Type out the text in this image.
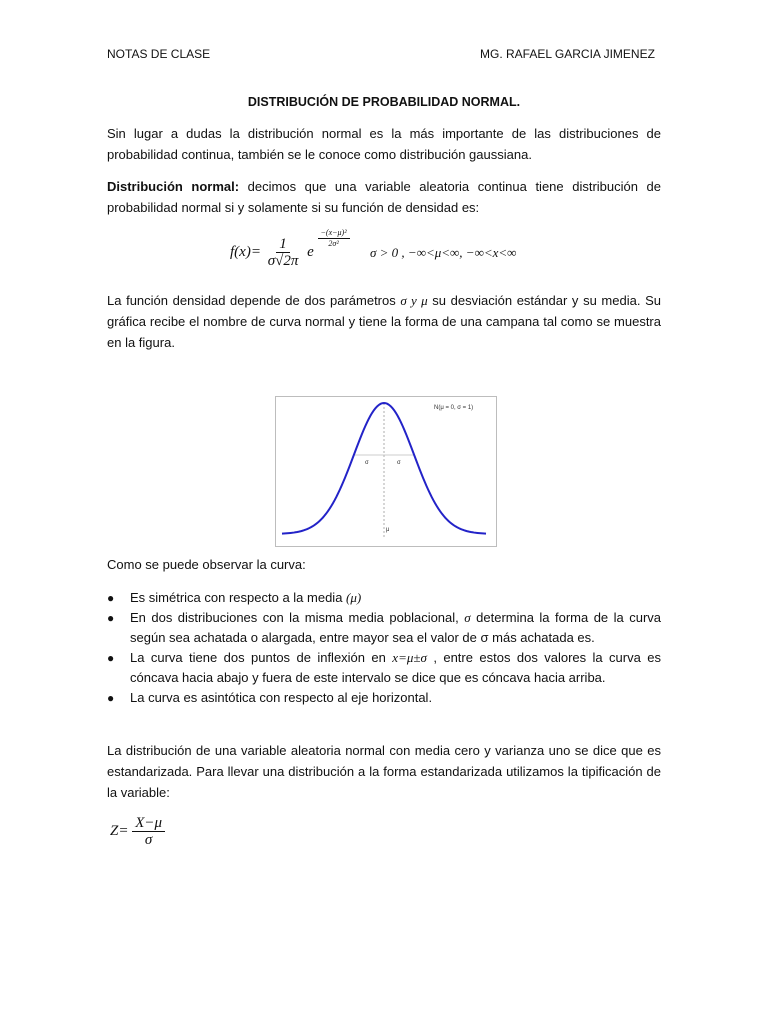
NOTAS DE CLASE	MG. RAFAEL GARCIA JIMENEZ
DISTRIBUCIÓN DE PROBABILIDAD NORMAL.
Sin lugar a dudas la distribución normal es la más importante de las distribuciones de probabilidad continua, también se le conoce como distribución gaussiana.
Distribución normal: decimos que una variable aleatoria continua tiene distribución de probabilidad normal si y solamente si su función de densidad es:
$f(x)= \frac{1}{\sigma√2\pi}$ e
$\frac{\text{−(x−μ)²}}{\text{2σ²}}$
σ > 0 , −∞<μ<∞, −∞<x<∞
La función densidad depende de dos parámetros σ y μ su desviación estándar y su media. Su gráfica recibe el nombre de curva normal y tiene la forma de una campana tal como se muestra en la figura.
N(μ = 0, σ = 1)
σ	σ
μ
Como se puede observar la curva:
● Es simétrica con respecto a la media (μ)
● En dos distribuciones con la misma media poblacional, σ determina la forma de la curva según sea achatada o alargada, entre mayor sea el valor de σ más achatada es.
● La curva tiene dos puntos de inflexión en x=μ±σ , entre estos dos valores la curva es cóncava hacia abajo y fuera de este intervalo se dice que es cóncava hacia arriba.
● La curva es asintótica con respecto al eje horizontal.
La distribución de una variable aleatoria normal con media cero y varianza uno se dice que es estandarizada. Para llevar una distribución a la forma estandarizada utilizamos la tipificación de la variable:
$Z= \frac{X-\mu}{\sigma}$
